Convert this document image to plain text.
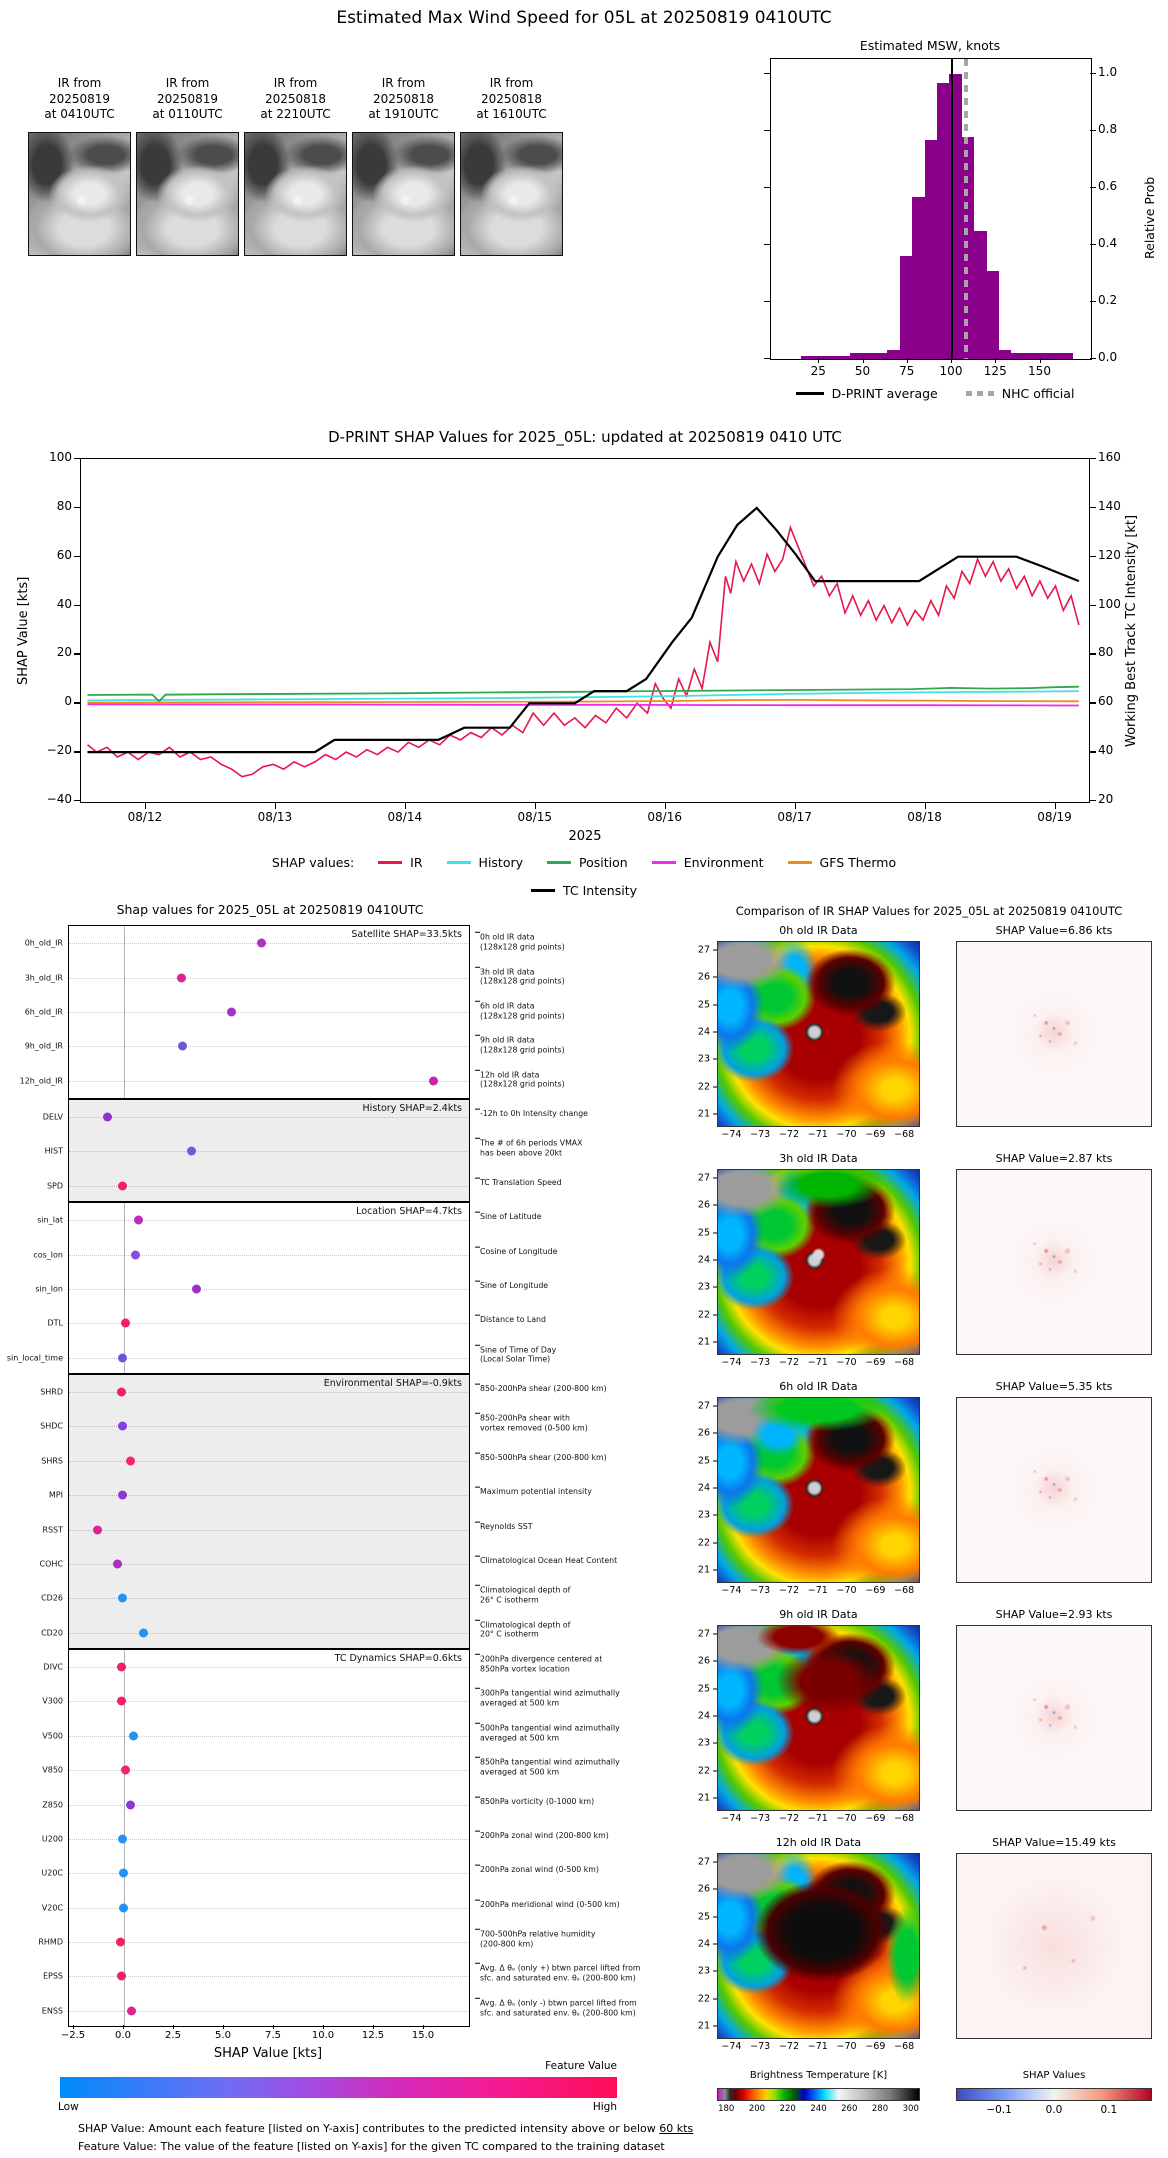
Estimated Max Wind Speed for 05L at 20250819 0410UTC
IR from
20250819
at 0410UTC
IR from
20250819
at 0110UTC
IR from
20250818
at 2210UTC
IR from
20250818
at 1910UTC
IR from
20250818
at 1610UTC
Estimated MSW, knots
Relative Prob
D-PRINT average	NHC official
0.0
0.2
0.4
0.6
0.8
1.0
25	50	75	100 125 150
D-PRINT SHAP Values for 2025_05L: updated at 20250819 0410 UTC
SHAP Value [kts]	Working Best Track TC Intensity [kt]
2025
SHAP values:	IR	History	Position	Environment	GFS Thermo
TC Intensity
100
80
60
40
20
0
−20
−40
160
140
120
100
80
60
40
20
08/12	08/13	08/14	08/15	08/16	08/17	08/18	08/19
Shap values for 2025_05L at 20250819 0410UTC
Satellite SHAP=33.5kts
0h_old_IR
3h_old_IR
6h_old_IR
9h_old_IR
12h_old_IR
History SHAP=2.4kts
DELV
HIST
SPD
Location SHAP=4.7kts
sin_lat
cos_lon
sin_lon
DTL
sin_local_time
Environmental SHAP=-0.9kts
SHRD
SHDC
SHRS
MPI
RSST
COHC
CD26
CD20
TC Dynamics SHAP=0.6kts
DIVC
V300
V500
V850
Z850
U200
U20C
V20C
RHMD
EPSS
ENSS
0h old IR data
(128x128 grid points)
3h old IR data
(128x128 grid points)
6h old IR data
(128x128 grid points)
9h old IR data
(128x128 grid points)
12h old IR data
(128x128 grid points)
-12h to 0h Intensity change
The # of 6h periods VMAX
has been above 20kt
TC Translation Speed
Sine of Latitude
Cosine of Longitude
Sine of Longitude
Distance to Land
Sine of Time of Day
(Local Solar Time)
850-200hPa shear (200-800 km)
850-200hPa shear with
vortex removed (0-500 km)
850-500hPa shear (200-800 km)
Maximum potential intensity
Reynolds SST
Climatological Ocean Heat Content
Climatological depth of
26° C isotherm
Climatological depth of
20° C isotherm
200hPa divergence centered at
850hPa vortex location
300hPa tangential wind azimuthally
averaged at 500 km
500hPa tangential wind azimuthally
averaged at 500 km
850hPa tangential wind azimuthally
averaged at 500 km
850hPa vorticity (0-1000 km)
200hPa zonal wind (200-800 km)
200hPa zonal wind (0-500 km)
200hPa meridional wind (0-500 km)
700-500hPa relative humidity
(200-800 km)
Avg. Δ θₑ (only +) btwn parcel lifted from
sfc. and saturated env. θₑ (200-800 km)
Avg. Δ θₑ (only -) btwn parcel lifted from
sfc. and saturated env. θₑ (200-800 km)
SHAP Value [kts]
Feature Value
Low	High
SHAP Value: Amount each feature [listed on Y-axis] contributes to the predicted intensity above or below 60 kts
Feature Value: The value of the feature [listed on Y-axis] for the given TC compared to the training dataset
−2.5	0.0	2.5	5.0	7.5	10.0	12.5	15.0
Comparison of IR SHAP Values for 2025_05L at 20250819 0410UTC
0h old IR Data	SHAP Value=6.86 kts
27
26
25
24
23
22
21
−74 −73 −72 −71 −70 −69 −68
3h old IR Data	SHAP Value=2.87 kts
27
26
25
24
23
22
21
−74 −73 −72 −71 −70 −69 −68
6h old IR Data	SHAP Value=5.35 kts
27
26
25
24
23
22
21
−74 −73 −72 −71 −70 −69 −68
9h old IR Data	SHAP Value=2.93 kts
27
26
25
24
23
22
21
−74 −73 −72 −71 −70 −69 −68
12h old IR Data	SHAP Value=15.49 kts
27
26
25
24
23
22
21
−74 −73 −72 −71 −70 −69 −68
Brightness Temperature [K]
180 200 220 240 260 280 300
SHAP Values
−0.1	0.0	0.1
